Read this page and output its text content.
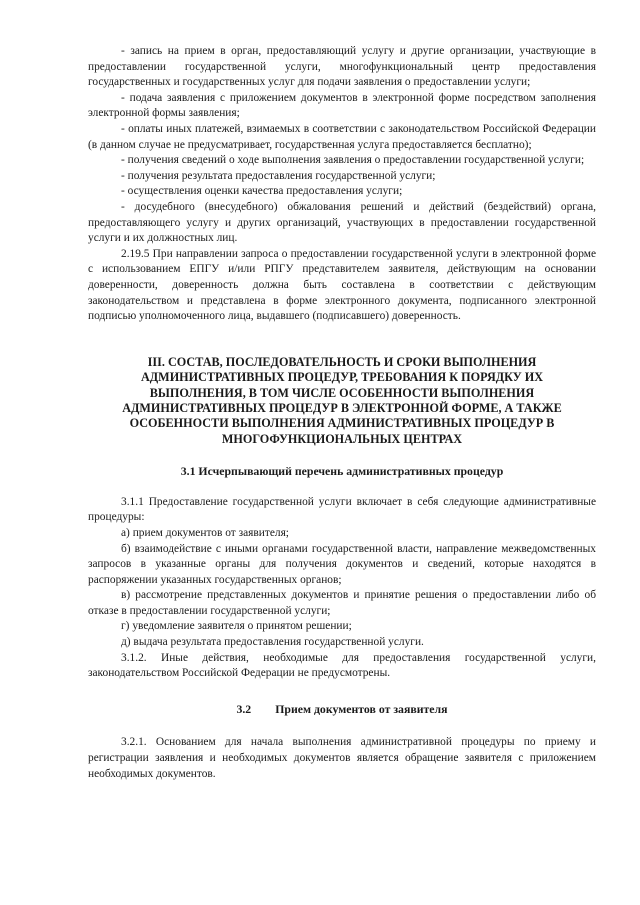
- запись на прием в орган, предоставляющий услугу и другие организации, участвующие в предоставлении государственной услуги, многофункциональный центр предоставления государственных и государственных услуг для подачи заявления о предоставлении услуги;

- подача заявления с приложением документов в электронной форме посредством заполнения электронной формы заявления;

- оплаты иных платежей, взимаемых в соответствии с законодательством Российской Федерации (в данном случае не предусматривает, государственная услуга предоставляется бесплатно);

- получения сведений о ходе выполнения заявления о предоставлении государственной услуги;

- получения результата предоставления государственной услуги;

- осуществления оценки качества предоставления услуги;

- досудебного (внесудебного) обжалования решений и действий (бездействий) органа, предоставляющего услугу и других организаций, участвующих в предоставлении государственной услуги и их должностных лиц.

2.19.5 При направлении запроса о предоставлении государственной услуги в электронной форме с использованием ЕПГУ и/или РПГУ представителем заявителя, действующим на основании доверенности, доверенность должна быть составлена в соответствии с действующим законодательством и представлена в форме электронного документа, подписанного электронной подписью уполномоченного лица, выдавшего (подписавшего) доверенность.

III. СОСТАВ, ПОСЛЕДОВАТЕЛЬНОСТЬ И СРОКИ ВЫПОЛНЕНИЯ АДМИНИСТРАТИВНЫХ ПРОЦЕДУР, ТРЕБОВАНИЯ К ПОРЯДКУ ИХ ВЫПОЛНЕНИЯ, В ТОМ ЧИСЛЕ ОСОБЕННОСТИ ВЫПОЛНЕНИЯ АДМИНИСТРАТИВНЫХ ПРОЦЕДУР В ЭЛЕКТРОННОЙ ФОРМЕ, А ТАКЖЕ ОСОБЕННОСТИ ВЫПОЛНЕНИЯ АДМИНИСТРАТИВНЫХ ПРОЦЕДУР В МНОГОФУНКЦИОНАЛЬНЫХ ЦЕНТРАХ

3.1 Исчерпывающий перечень административных процедур

3.1.1 Предоставление государственной услуги включает в себя следующие административные процедуры:

а) прием документов от заявителя;

б) взаимодействие с иными органами государственной власти, направление межведомственных запросов в указанные органы для получения документов и сведений, которые находятся в распоряжении указанных государственных органов;

в) рассмотрение представленных документов и принятие решения о предоставлении либо об отказе в предоставлении государственной услуги;

г) уведомление заявителя о принятом решении;

д) выдача результата предоставления государственной услуги.

3.1.2. Иные действия, необходимые для предоставления государственной услуги, законодательством Российской Федерации не предусмотрены.

3.2 Прием документов от заявителя

3.2.1. Основанием для начала выполнения административной процедуры по приему и регистрации заявления и необходимых документов является обращение заявителя с приложением необходимых документов.
